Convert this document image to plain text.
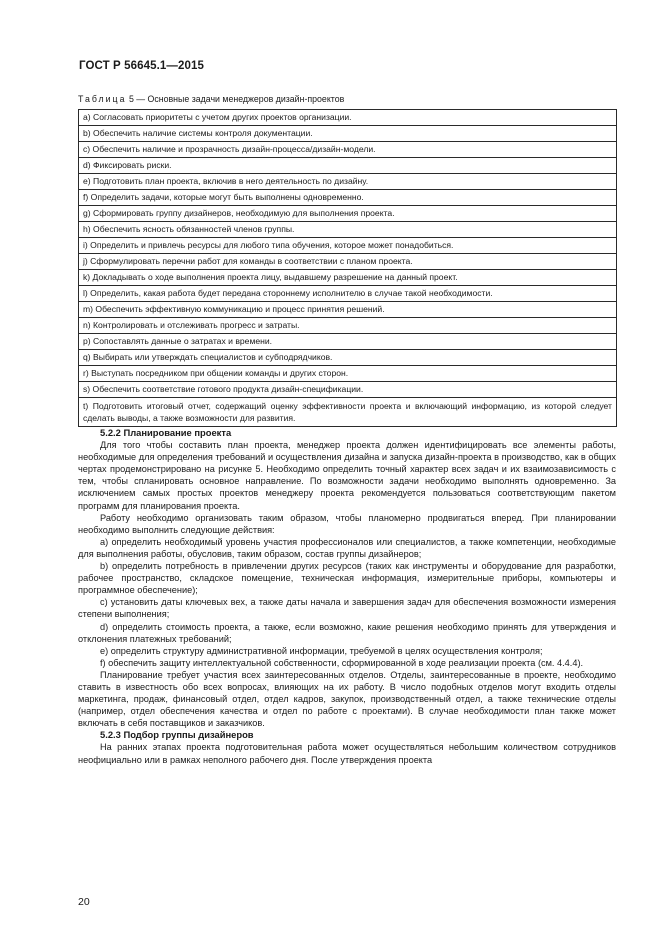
ГОСТ Р 56645.1—2015
Таблица 5 — Основные задачи менеджеров дизайн-проектов
a) Согласовать приоритеты с учетом других проектов организации.
b) Обеспечить наличие системы контроля документации.
c) Обеспечить наличие и прозрачность дизайн-процесса/дизайн-модели.
d) Фиксировать риски.
e) Подготовить план проекта, включив в него деятельность по дизайну.
f) Определить задачи, которые могут быть выполнены одновременно.
g) Сформировать группу дизайнеров, необходимую для выполнения проекта.
h) Обеспечить ясность обязанностей членов группы.
i) Определить и привлечь ресурсы для любого типа обучения, которое может понадобиться.
j) Сформулировать перечни работ для команды в соответствии с планом проекта.
k) Докладывать о ходе выполнения проекта лицу, выдавшему разрешение на данный проект.
l) Определить, какая работа будет передана стороннему исполнителю в случае такой необходимости.
m) Обеспечить эффективную коммуникацию и процесс принятия решений.
n) Контролировать и отслеживать прогресс и затраты.
p) Сопоставлять данные о затратах и времени.
q) Выбирать или утверждать специалистов и субподрядчиков.
r) Выступать посредником при общении команды и других сторон.
s) Обеспечить соответствие готового продукта дизайн-спецификации.
t) Подготовить итоговый отчет, содержащий оценку эффективности проекта и включающий информацию, из которой следует сделать выводы, а также возможности для развития.
5.2.2 Планирование проекта

Для того чтобы составить план проекта, менеджер проекта должен идентифицировать все элементы работы, необходимые для определения требований и осуществления дизайна и запуска дизайн-проекта в производство, как в общих чертах продемонстрировано на рисунке 5. Необходимо определить точный характер всех задач и их взаимозависимость с тем, чтобы спланировать основное направление. По возможности задачи необходимо выполнять одновременно. За исключением самых простых проектов менеджеру проекта рекомендуется пользоваться соответствующим пакетом программ для планирования проекта.

Работу необходимо организовать таким образом, чтобы планомерно продвигаться вперед. При планировании необходимо выполнить следующие действия:

a) определить необходимый уровень участия профессионалов или специалистов, а также компетенции, необходимые для выполнения работы, обусловив, таким образом, состав группы дизайнеров;

b) определить потребность в привлечении других ресурсов (таких как инструменты и оборудование для разработки, рабочее пространство, складское помещение, техническая информация, измерительные приборы, компьютеры и программное обеспечение);

c) установить даты ключевых вех, а также даты начала и завершения задач для обеспечения возможности измерения степени выполнения;

d) определить стоимость проекта, а также, если возможно, какие решения необходимо принять для утверждения и отклонения платежных требований;

e) определить структуру административной информации, требуемой в целях осуществления контроля;

f) обеспечить защиту интеллектуальной собственности, сформированной в ходе реализации проекта (см. 4.4.4).

Планирование требует участия всех заинтересованных отделов. Отделы, заинтересованные в проекте, необходимо ставить в известность обо всех вопросах, влияющих на их работу. В число подобных отделов могут входить отделы маркетинга, продаж, финансовый отдел, отдел кадров, закупок, производственный отдел, а также технические отделы (например, отдел обеспечения качества и отдел по работе с проектами). В случае необходимости план также может включать в себя поставщиков и заказчиков.

5.2.3 Подбор группы дизайнеров

На ранних этапах проекта подготовительная работа может осуществляться небольшим количеством сотрудников неофициально или в рамках неполного рабочего дня. После утверждения проекта

20
